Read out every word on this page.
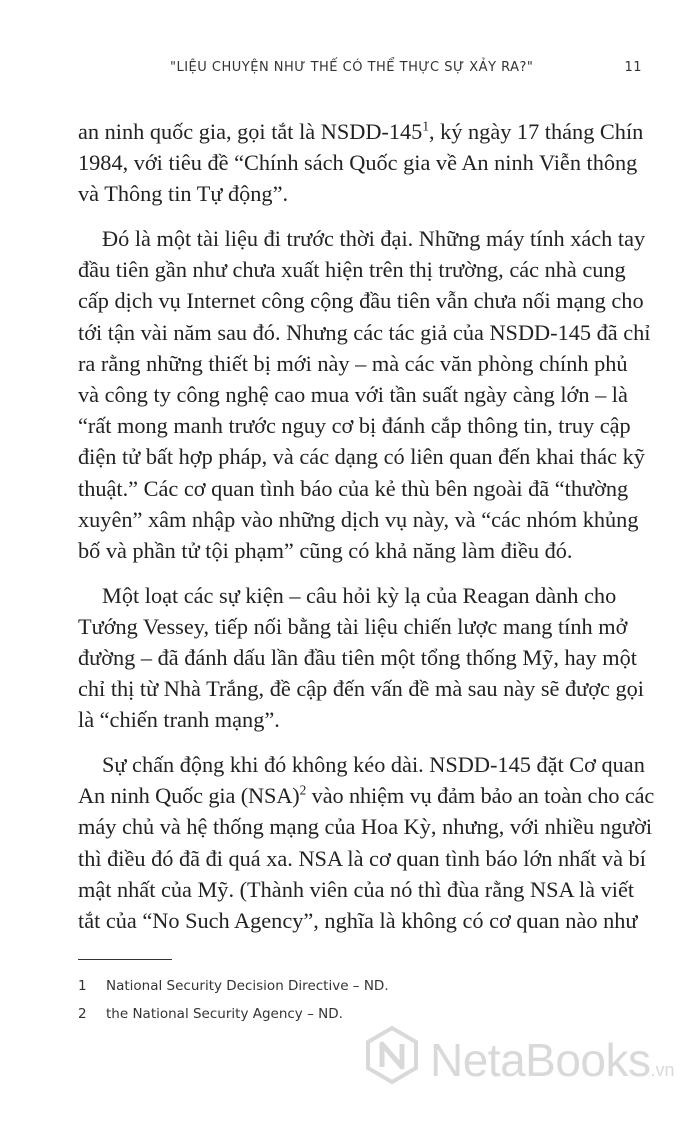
"LIỆU CHUYỆN NHƯ THẾ CÓ THỂ THỰC SỰ XẢY RA?"	11

an ninh quốc gia, gọi tắt là NSDD-$145^1$, ký ngày 17 tháng Chín
1984, với tiêu đề “Chính sách Quốc gia về An ninh Viễn thông
và Thông tin Tự động”.

Đó là một tài liệu đi trước thời đại. Những máy tính xách tay
đầu tiên gần như chưa xuất hiện trên thị trường, các nhà cung
cấp dịch vụ Internet công cộng đầu tiên vẫn chưa nối mạng cho
tới tận vài năm sau đó. Nhưng các tác giả của NSDD-145 đã chỉ
ra rằng những thiết bị mới này – mà các văn phòng chính phủ
và công ty công nghệ cao mua với tần suất ngày càng lớn – là
“rất mong manh trước nguy cơ bị đánh cắp thông tin, truy cập
điện tử bất hợp pháp, và các dạng có liên quan đến khai thác kỹ
thuật.” Các cơ quan tình báo của kẻ thù bên ngoài đã “thường
xuyên” xâm nhập vào những dịch vụ này, và “các nhóm khủng
bố và phần tử tội phạm” cũng có khả năng làm điều đó.

Một loạt các sự kiện – câu hỏi kỳ lạ của Reagan dành cho
Tướng Vessey, tiếp nối bằng tài liệu chiến lược mang tính mở
đường – đã đánh dấu lần đầu tiên một tổng thống Mỹ, hay một
chỉ thị từ Nhà Trắng, đề cập đến vấn đề mà sau này sẽ được gọi
là “chiến tranh mạng”.

Sự chấn động khi đó không kéo dài. NSDD-145 đặt Cơ quan
An ninh Quốc gia (NSA)$^2$ vào nhiệm vụ đảm bảo an toàn cho các
máy chủ và hệ thống mạng của Hoa Kỳ, nhưng, với nhiều người
thì điều đó đã đi quá xa. NSA là cơ quan tình báo lớn nhất và bí
mật nhất của Mỹ. (Thành viên của nó thì đùa rằng NSA là viết
tắt của “No Such Agency”, nghĩa là không có cơ quan nào như

1 National Security Decision Directive – ND.
2 the National Security Agency – ND.
NetaBooks.vn
